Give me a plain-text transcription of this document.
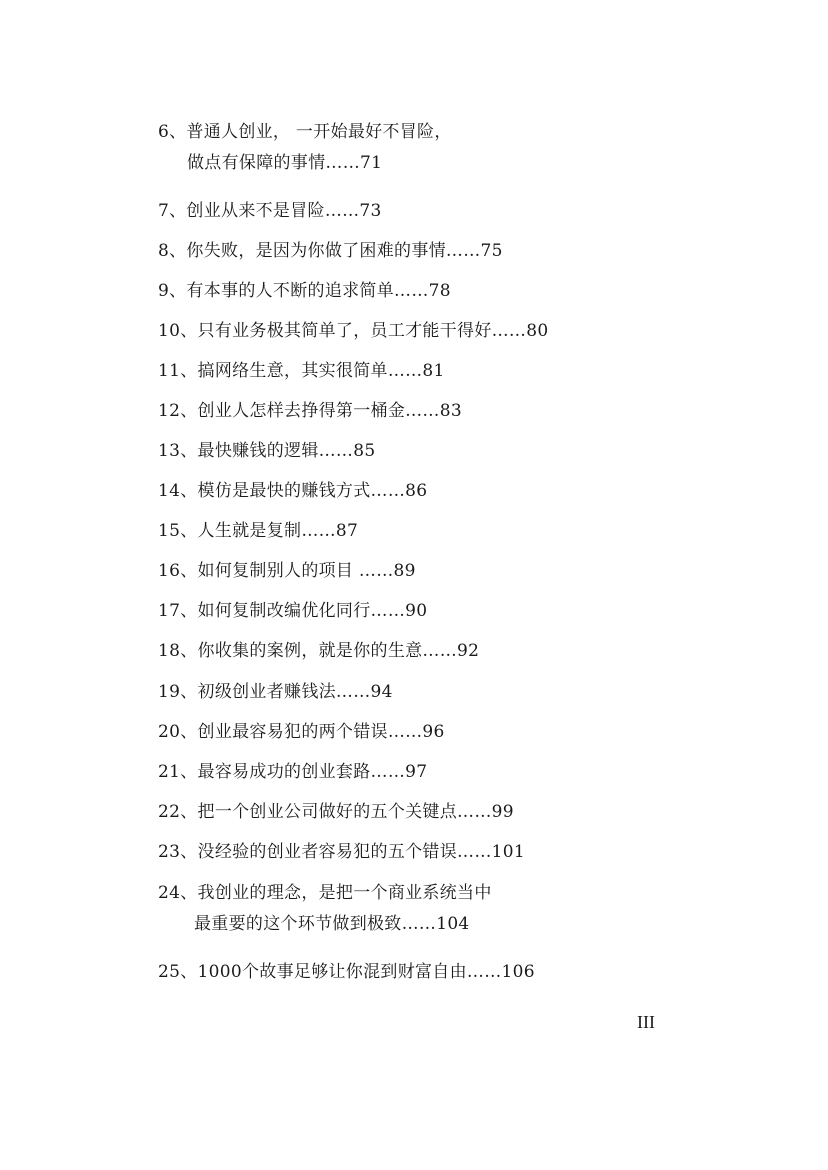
6、普通人创业， 一开始最好不冒险，
做点有保障的事情……71
7、创业从来不是冒险……73
8、你失败，是因为你做了困难的事情……75
9、有本事的人不断的追求简单……78
10、只有业务极其简单了，员工才能干得好……80
11、搞网络生意，其实很简单……81
12、创业人怎样去挣得第一桶金……83
13、最快赚钱的逻辑……85
14、模仿是最快的赚钱方式……86
15、人生就是复制……87
16、如何复制别人的项目 ……89
17、如何复制改编优化同行……90
18、你收集的案例，就是你的生意……92
19、初级创业者赚钱法……94
20、创业最容易犯的两个错误……96
21、最容易成功的创业套路……97
22、把一个创业公司做好的五个关键点……99
23、没经验的创业者容易犯的五个错误……101
24、我创业的理念，是把一个商业系统当中
最重要的这个环节做到极致……104
25、1000个故事足够让你混到财富自由……106
III
